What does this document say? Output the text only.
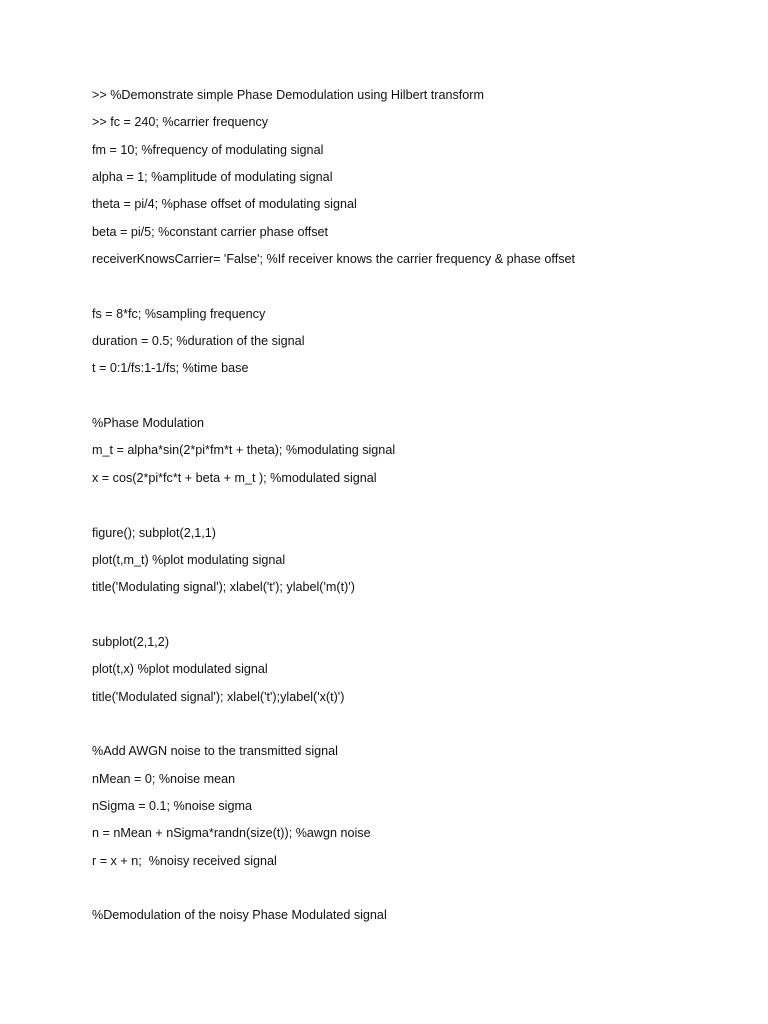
>> %Demonstrate simple Phase Demodulation using Hilbert transform
>> fc = 240; %carrier frequency
fm = 10; %frequency of modulating signal
alpha = 1; %amplitude of modulating signal
theta = pi/4; %phase offset of modulating signal
beta = pi/5; %constant carrier phase offset
receiverKnowsCarrier= 'False'; %If receiver knows the carrier frequency & phase offset
fs = 8*fc; %sampling frequency
duration = 0.5; %duration of the signal
t = 0:1/fs:1-1/fs; %time base
%Phase Modulation
m_t = alpha*sin(2*pi*fm*t + theta); %modulating signal
x = cos(2*pi*fc*t + beta + m_t ); %modulated signal
figure(); subplot(2,1,1)
plot(t,m_t) %plot modulating signal
title('Modulating signal'); xlabel('t'); ylabel('m(t)')
subplot(2,1,2)
plot(t,x) %plot modulated signal
title('Modulated signal'); xlabel('t');ylabel('x(t)')
%Add AWGN noise to the transmitted signal
nMean = 0; %noise mean
nSigma = 0.1; %noise sigma
n = nMean + nSigma*randn(size(t)); %awgn noise
r = x + n;  %noisy received signal
%Demodulation of the noisy Phase Modulated signal
